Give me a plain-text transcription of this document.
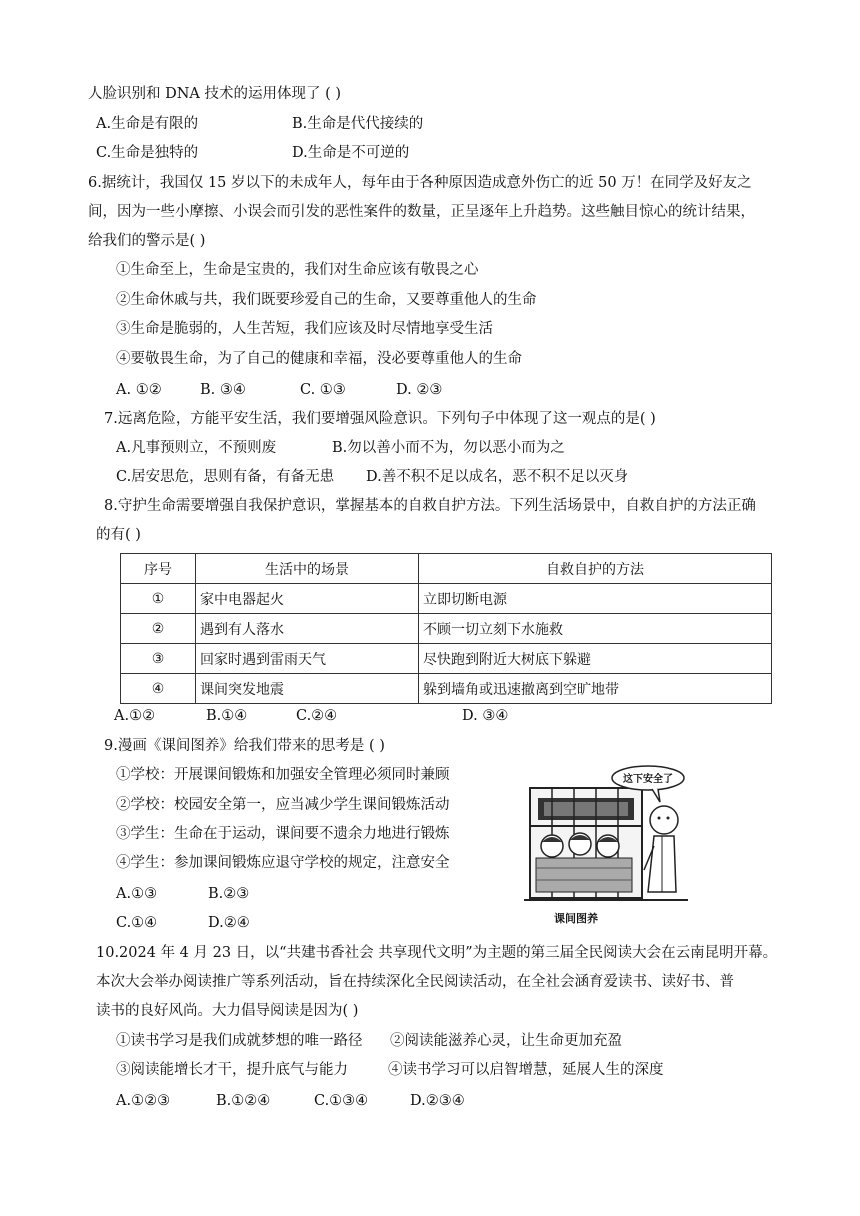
人脸识别和 DNA 技术的运用体现了 ( )
A.生命是有限的	B.生命是代代接续的
C.生命是独特的	D.生命是不可逆的
6.据统计，我国仅 15 岁以下的未成年人，每年由于各种原因造成意外伤亡的近 50 万！在同学及好友之
间，因为一些小摩擦、小误会而引发的恶性案件的数量，正呈逐年上升趋势。这些触目惊心的统计结果，
给我们的警示是( )
①生命至上，生命是宝贵的，我们对生命应该有敬畏之心
②生命休戚与共，我们既要珍爱自己的生命，又要尊重他人的生命
③生命是脆弱的，人生苦短，我们应该及时尽情地享受生活
④要敬畏生命，为了自己的健康和幸福，没必要尊重他人的生命
A. ①②	B. ③④	C. ①③	D. ②③
7.远离危险，方能平安生活，我们要增强风险意识。下列句子中体现了这一观点的是( )
A.凡事预则立，不预则废	B.勿以善小而不为，勿以恶小而为之
C.居安思危，思则有备，有备无患 D.善不积不足以成名，恶不积不足以灭身
8.守护生命需要增强自我保护意识，掌握基本的自救自护方法。下列生活场景中，自救自护的方法正确
的有( )
序号	生活中的场景	自救自护的方法
①	家中电器起火	立即切断电源
②	遇到有人落水	不顾一切立刻下水施救
③	回家时遇到雷雨天气	尽快跑到附近大树底下躲避
④	课间突发地震	躲到墙角或迅速撤离到空旷地带
A.①②	B.①④	C.②④	D. ③④
9.漫画《课间图养》给我们带来的思考是 ( )
①学校：开展课间锻炼和加强安全管理必须同时兼顾
②学校：校园安全第一，应当减少学生课间锻炼活动
③学生：生命在于运动，课间要不遗余力地进行锻炼
④学生：参加课间锻炼应退守学校的规定，注意安全
A.①③	B.②③
C.①④	D.②④
这下安全了
课间图养
10.2024 年 4 月 23 日，以“共建书香社会 共享现代文明”为主题的第三届全民阅读大会在云南昆明开幕。
本次大会举办阅读推广等系列活动，旨在持续深化全民阅读活动，在全社会涵育爱读书、读好书、普
读书的良好风尚。大力倡导阅读是因为( )
①读书学习是我们成就梦想的唯一路径 ②阅读能滋养心灵，让生命更加充盈
③阅读能增长才干，提升底气与能力	④读书学习可以启智增慧，延展人生的深度
A.①②③	B.①②④	C.①③④	D.②③④
